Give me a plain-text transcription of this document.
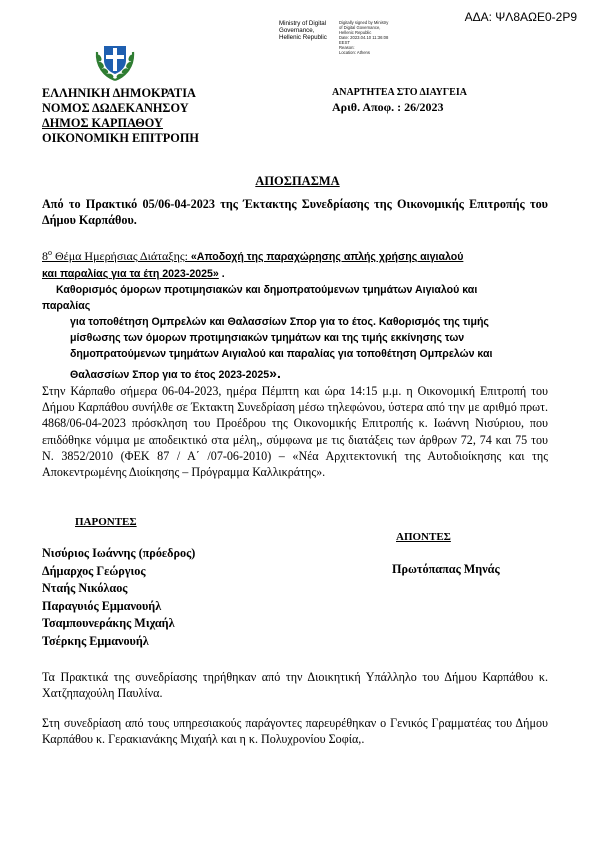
ΑΔΑ: ΨΛ8ΑΩΕ0-2Ρ9
Ministry of Digital
Governance,
Hellenic Republic
Digitally signed by Ministry
of Digital Governance,
Hellenic Republic
Date: 2023.04.10 11:36:08
EEST
Reason:
Location: Athens
ΕΛΛΗΝΙΚΗ ΔΗΜΟΚΡΑΤΙΑ
ΝΟΜΟΣ ΔΩΔΕΚΑΝΗΣΟΥ
ΔΗΜΟΣ ΚΑΡΠΑΘΟΥ
ΟΙΚΟΝΟΜΙΚΗ ΕΠΙΤΡΟΠΗ
ΑΝΑΡΤΗΤΕΑ ΣΤΟ ΔΙΑΥΓΕΙΑ
Αριθ. Αποφ. : 26/2023
ΑΠΟΣΠΑΣΜΑ
Από το Πρακτικό 05/06-04-2023 της Έκτακτης Συνεδρίασης της Οικονομικής Επιτροπής του Δήμου Καρπάθου.
$8^o$ Θέμα Ημερήσιας Διάταξης: «Αποδοχή της παραχώρησης απλής χρήσης αιγιαλού
και παραλίας για τα έτη 2023-2025» .
Καθορισμός όμορων προτιμησιακών και δημοπρατούμενων τμημάτων Αιγιαλού και
παραλίας
για τοποθέτηση Ομπρελών και Θαλασσίων Σπορ για το έτος. Καθορισμός της τιμής
μίσθωσης των όμορων προτιμησιακών τμημάτων και της τιμής εκκίνησης των
δημοπρατούμενων τμημάτων Αιγιαλού και παραλίας για τοποθέτηση Ομπρελών και
Θαλασσίων Σπορ για το έτος 2023-2025».
Στην Κάρπαθο σήμερα 06-04-2023, ημέρα Πέμπτη και ώρα 14:15 μ.μ. η Οικονομική Επιτροπή του Δήμου Καρπάθου συνήλθε σε Έκτακτη Συνεδρίαση μέσω τηλεφώνου, ύστερα από την με αριθμό πρωτ. 4868/06-04-2023 πρόσκληση του Προέδρου της Οικονομικής Επιτροπής κ. Ιωάννη Νισύριου, που επιδόθηκε νόμιμα με αποδεικτικό στα μέλη,, σύμφωνα με τις διατάξεις των άρθρων 72, 74 και 75 του Ν. 3852/2010 (ΦΕΚ 87 / Α΄ /07-06-2010) – «Νέα Αρχιτεκτονική της Αυτοδιοίκησης και της Αποκεντρωμένης Διοίκησης – Πρόγραμμα Καλλικράτης».
ΠΑΡΟΝΤΕΣ
ΑΠΟΝΤΕΣ
Νισύριος Ιωάννης (πρόεδρος)
Δήμαρχος Γεώργιος
Νταής Νικόλαος
Παραγυιός Εμμανουήλ
Τσαμπουνεράκης Μιχαήλ
Τσέρκης Εμμανουήλ
Πρωτόπαπας Μηνάς
Τα Πρακτικά της συνεδρίασης τηρήθηκαν από την Διοικητική Υπάλληλο του Δήμου Καρπάθου κ. Χατζηπαχούλη Παυλίνα.
Στη συνεδρίαση από τους υπηρεσιακούς παράγοντες παρευρέθηκαν ο Γενικός Γραμματέας του Δήμου Καρπάθου κ. Γερακιανάκης Μιχαήλ και η κ. Πολυχρονίου Σοφία,.
